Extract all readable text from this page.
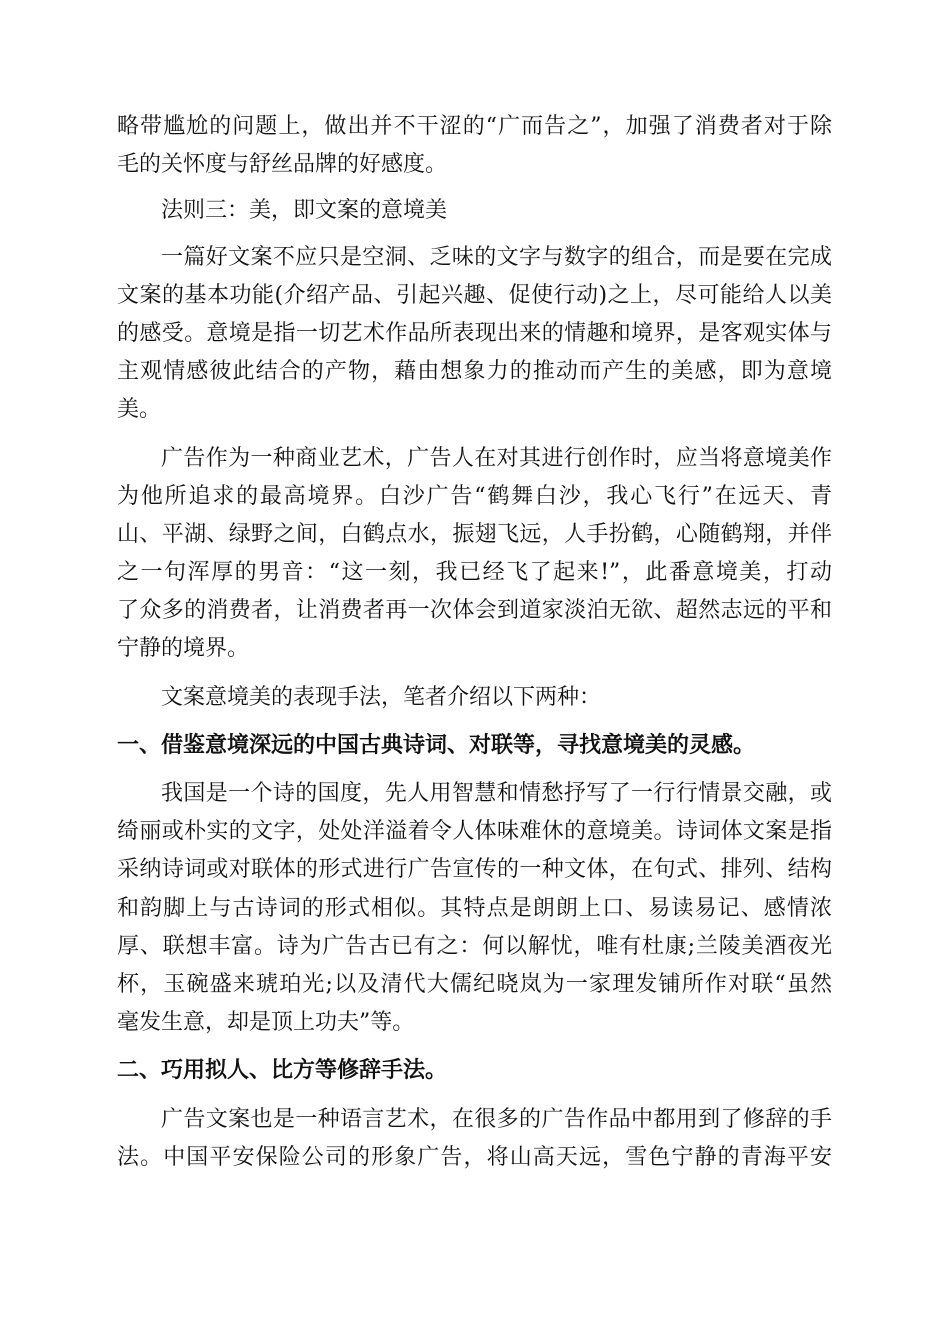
略带尴尬的问题上，做出并不干涩的“广而告之”，加强了消费者对于除
毛的关怀度与舒丝品牌的好感度。
法则三：美，即文案的意境美
一篇好文案不应只是空洞、乏味的文字与数字的组合，而是要在完成
文案的基本功能(介绍产品、引起兴趣、促使行动)之上，尽可能给人以美
的感受。意境是指一切艺术作品所表现出来的情趣和境界，是客观实体与
主观情感彼此结合的产物，藉由想象力的推动而产生的美感，即为意境
美。
广告作为一种商业艺术，广告人在对其进行创作时，应当将意境美作
为他所追求的最高境界。白沙广告“鹤舞白沙，我心飞行”在远天、青
山、平湖、绿野之间，白鹤点水，振翅飞远，人手扮鹤，心随鹤翔，并伴
之一句浑厚的男音：“这一刻，我已经飞了起来!”，此番意境美，打动
了众多的消费者，让消费者再一次体会到道家淡泊无欲、超然志远的平和
宁静的境界。
文案意境美的表现手法，笔者介绍以下两种：
一、借鉴意境深远的中国古典诗词、对联等，寻找意境美的灵感。
我国是一个诗的国度，先人用智慧和情愁抒写了一行行情景交融，或
绮丽或朴实的文字，处处洋溢着令人体味难休的意境美。诗词体文案是指
采纳诗词或对联体的形式进行广告宣传的一种文体，在句式、排列、结构
和韵脚上与古诗词的形式相似。其特点是朗朗上口、易读易记、感情浓
厚、联想丰富。诗为广告古已有之：何以解忧，唯有杜康;兰陵美酒夜光
杯，玉碗盛来琥珀光;以及清代大儒纪晓岚为一家理发铺所作对联“虽然
毫发生意，却是顶上功夫”等。
二、巧用拟人、比方等修辞手法。
广告文案也是一种语言艺术，在很多的广告作品中都用到了修辞的手
法。中国平安保险公司的形象广告，将山高天远，雪色宁静的青海平安
